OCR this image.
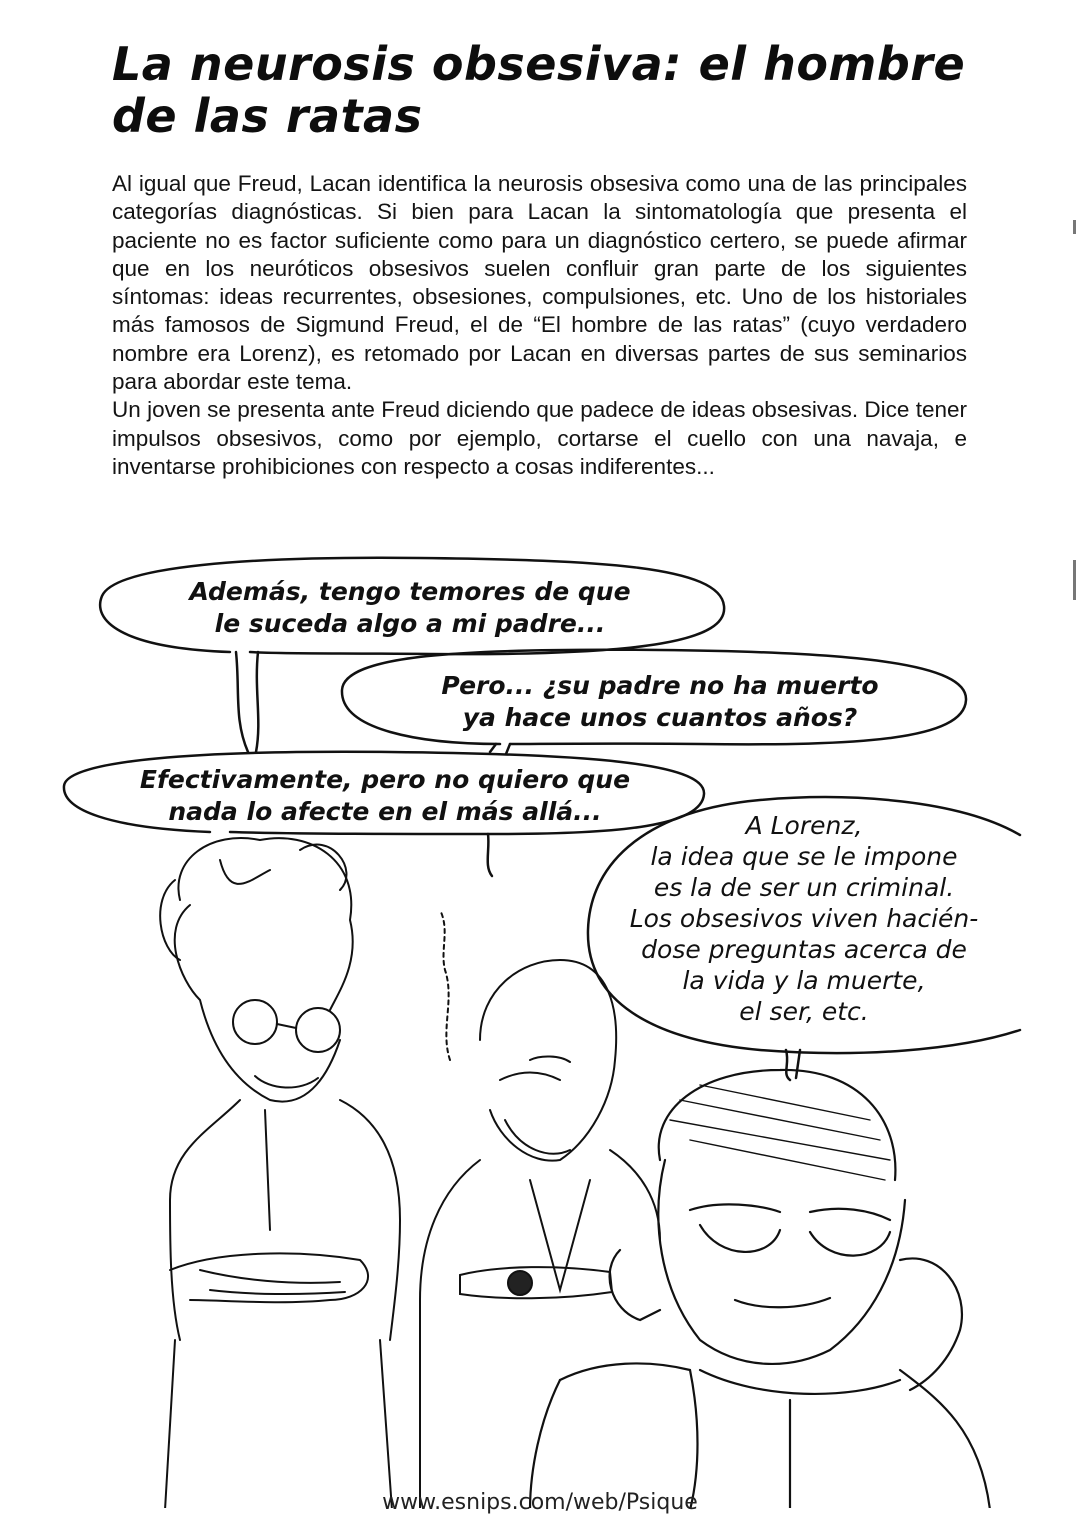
La neurosis obsesiva: el hombre
de las ratas

Al igual que Freud, Lacan identifica la neurosis obsesiva como una de las principales categorías diagnósticas. Si bien para Lacan la sintomatología que presenta el paciente no es factor suficiente como para un diagnóstico certero, se puede afirmar que en los neuróticos obsesivos suelen confluir gran parte de los siguientes síntomas: ideas recurrentes, obsesiones, compulsiones, etc. Uno de los historiales más famosos de Sigmund Freud, el de “El hombre de las ratas” (cuyo verdadero nombre era Lorenz), es retomado por Lacan en diversas partes de sus seminarios para abordar este tema.

Un joven se presenta ante Freud diciendo que padece de ideas obsesivas. Dice tener impulsos obsesivos, como por ejemplo, cortarse el cuello con una navaja, e inventarse prohibiciones con respecto a cosas indiferentes...

Además, tengo temores de que
le suceda algo a mi padre...
Pero... ¿su padre no ha muerto
ya hace unos cuantos años?
Efectivamente, pero no quiero que
nada lo afecte en el más allá...	A Lorenz,
la idea que se le impone
es la de ser un criminal.
Los obsesivos viven hacién-
dose preguntas acerca de
la vida y la muerte,
el ser, etc.
www.esnips.com/web/Psique
